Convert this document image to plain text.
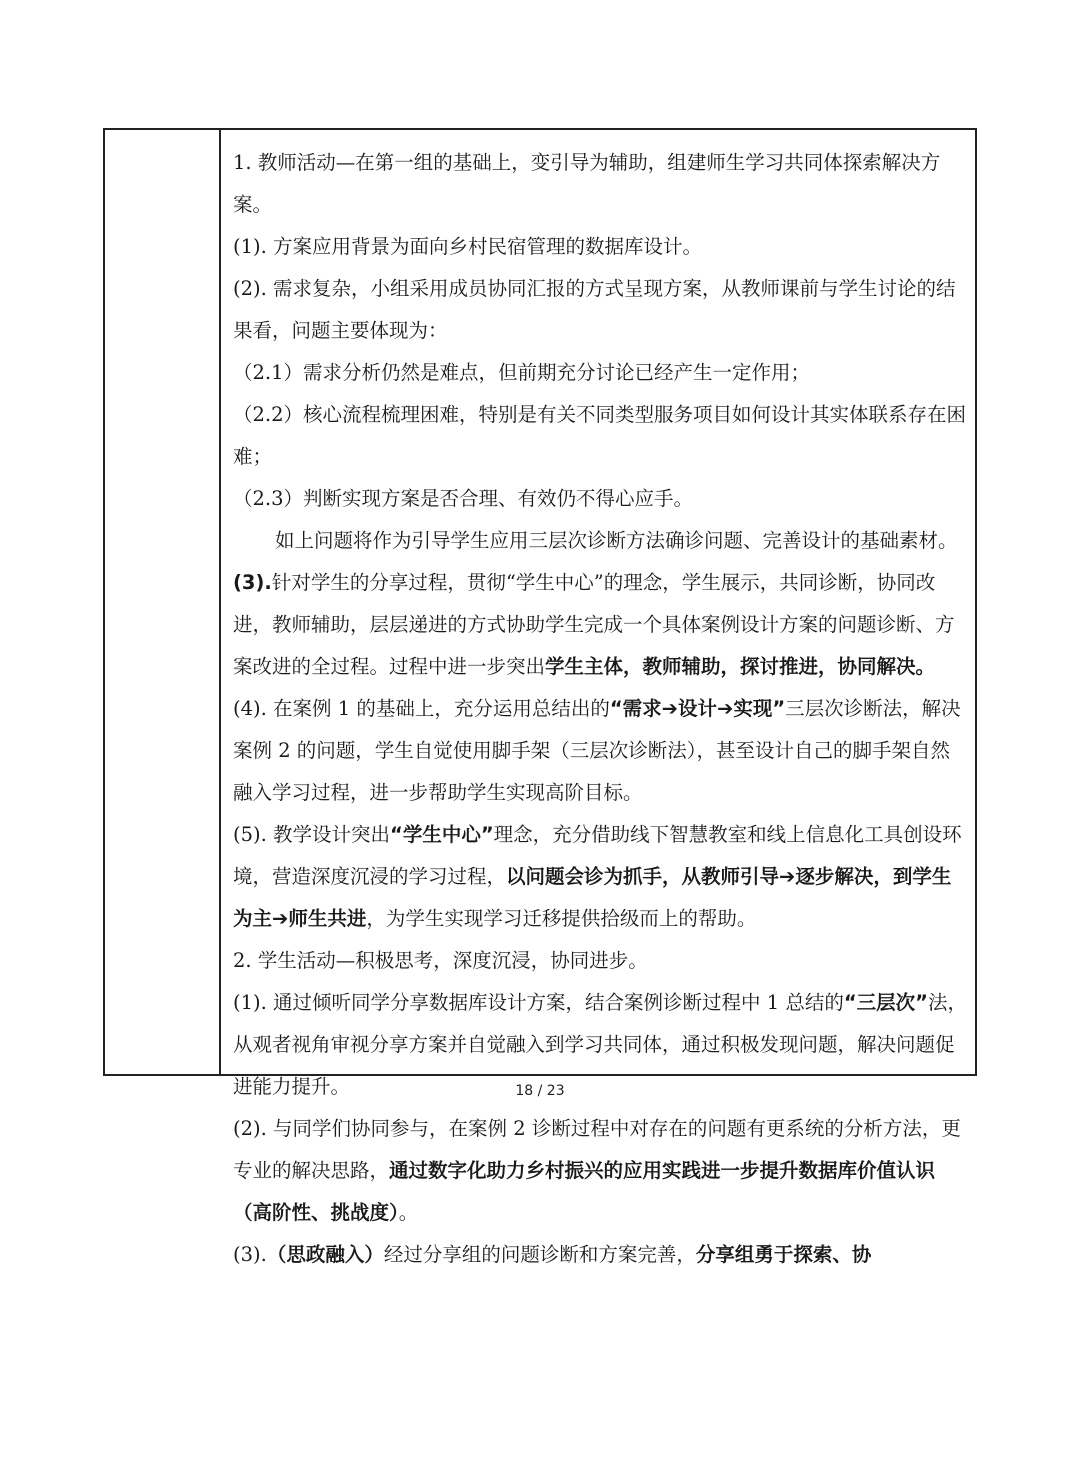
1. 教师活动—在第一组的基础上，变引导为辅助，组建师生学习共同体探索解决方案。

(1). 方案应用背景为面向乡村民宿管理的数据库设计。

(2). 需求复杂，小组采用成员协同汇报的方式呈现方案，从教师课前与学生讨论的结果看，问题主要体现为：

（2.1）需求分析仍然是难点，但前期充分讨论已经产生一定作用；

（2.2）核心流程梳理困难，特别是有关不同类型服务项目如何设计其实体联系存在困难；

（2.3）判断实现方案是否合理、有效仍不得心应手。

如上问题将作为引导学生应用三层次诊断方法确诊问题、完善设计的基础素材。

(3).针对学生的分享过程，贯彻“学生中心”的理念，学生展示，共同诊断，协同改进，教师辅助，层层递进的方式协助学生完成一个具体案例设计方案的问题诊断、方案改进的全过程。过程中进一步突出学生主体，教师辅助，探讨推进，协同解决。

(4). 在案例 1 的基础上，充分运用总结出的“需求➔设计➔实现”三层次诊断法，解决案例 2 的问题，学生自觉使用脚手架（三层次诊断法），甚至设计自己的脚手架自然融入学习过程，进一步帮助学生实现高阶目标。

(5). 教学设计突出“学生中心”理念，充分借助线下智慧教室和线上信息化工具创设环境，营造深度沉浸的学习过程，以问题会诊为抓手，从教师引导➔逐步解决，到学生为主➔师生共进，为学生实现学习迁移提供拾级而上的帮助。

2. 学生活动—积极思考，深度沉浸，协同进步。

(1). 通过倾听同学分享数据库设计方案，结合案例诊断过程中 1 总结的“三层次”法，从观者视角审视分享方案并自觉融入到学习共同体，通过积极发现问题，解决问题促进能力提升。

(2). 与同学们协同参与，在案例 2 诊断过程中对存在的问题有更系统的分析方法，更专业的解决思路，通过数字化助力乡村振兴的应用实践进一步提升数据库价值认识（高阶性、挑战度）。

(3).（思政融入）经过分享组的问题诊断和方案完善，分享组勇于探索、协

18 / 23
